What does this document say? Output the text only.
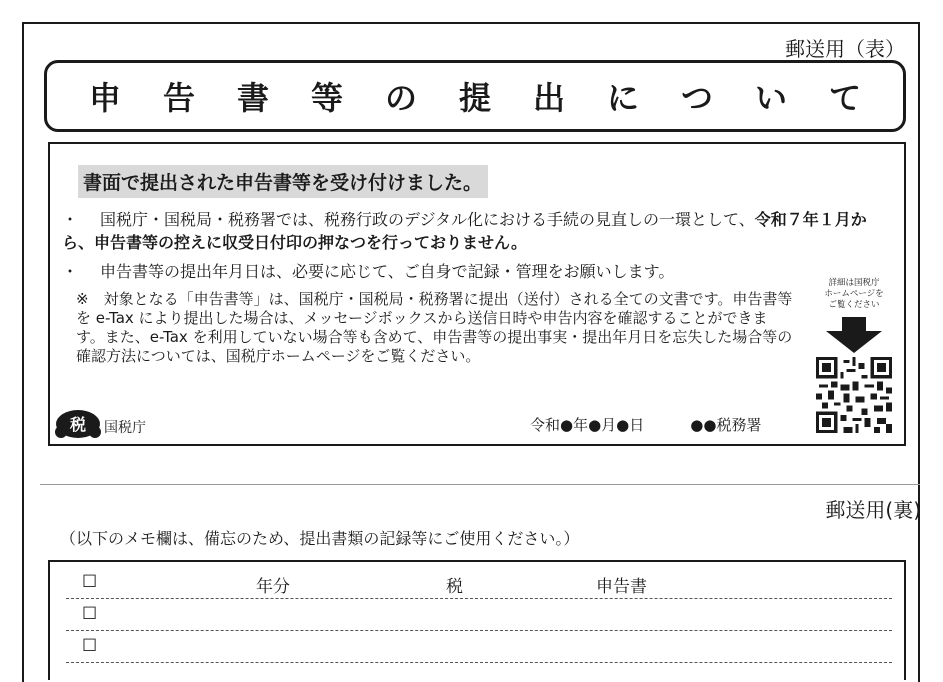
郵送用（表）
申 告 書 等 の 提 出 に つ い て
書面で提出された申告書等を受け付けました。
・ 国税庁・国税局・税務署では、税務行政のデジタル化における手続の見直しの一環として、令和７年１月から、申告書等の控えに収受日付印の押なつを行っておりません。
・ 申告書等の提出年月日は、必要に応じて、ご自身で記録・管理をお願いします。
※　対象となる「申告書等」は、国税庁・国税局・税務署に提出（送付）される全ての文書です。申告書等を e-Tax により提出した場合は、メッセージボックスから送信日時や申告内容を確認することができます。また、e-Tax を利用していない場合等も含めて、申告書等の提出事実・提出年月日を忘失した場合等の確認方法については、国税庁ホームページをご覧ください。
詳細は国税庁
ホームページを
ご覧ください
税 国税庁	令和●年●月●日	●●税務署
郵送用(裏)
（以下のメモ欄は、備忘のため、提出書類の記録等にご使用ください。）
☐	年分	税	申告書
☐
☐
